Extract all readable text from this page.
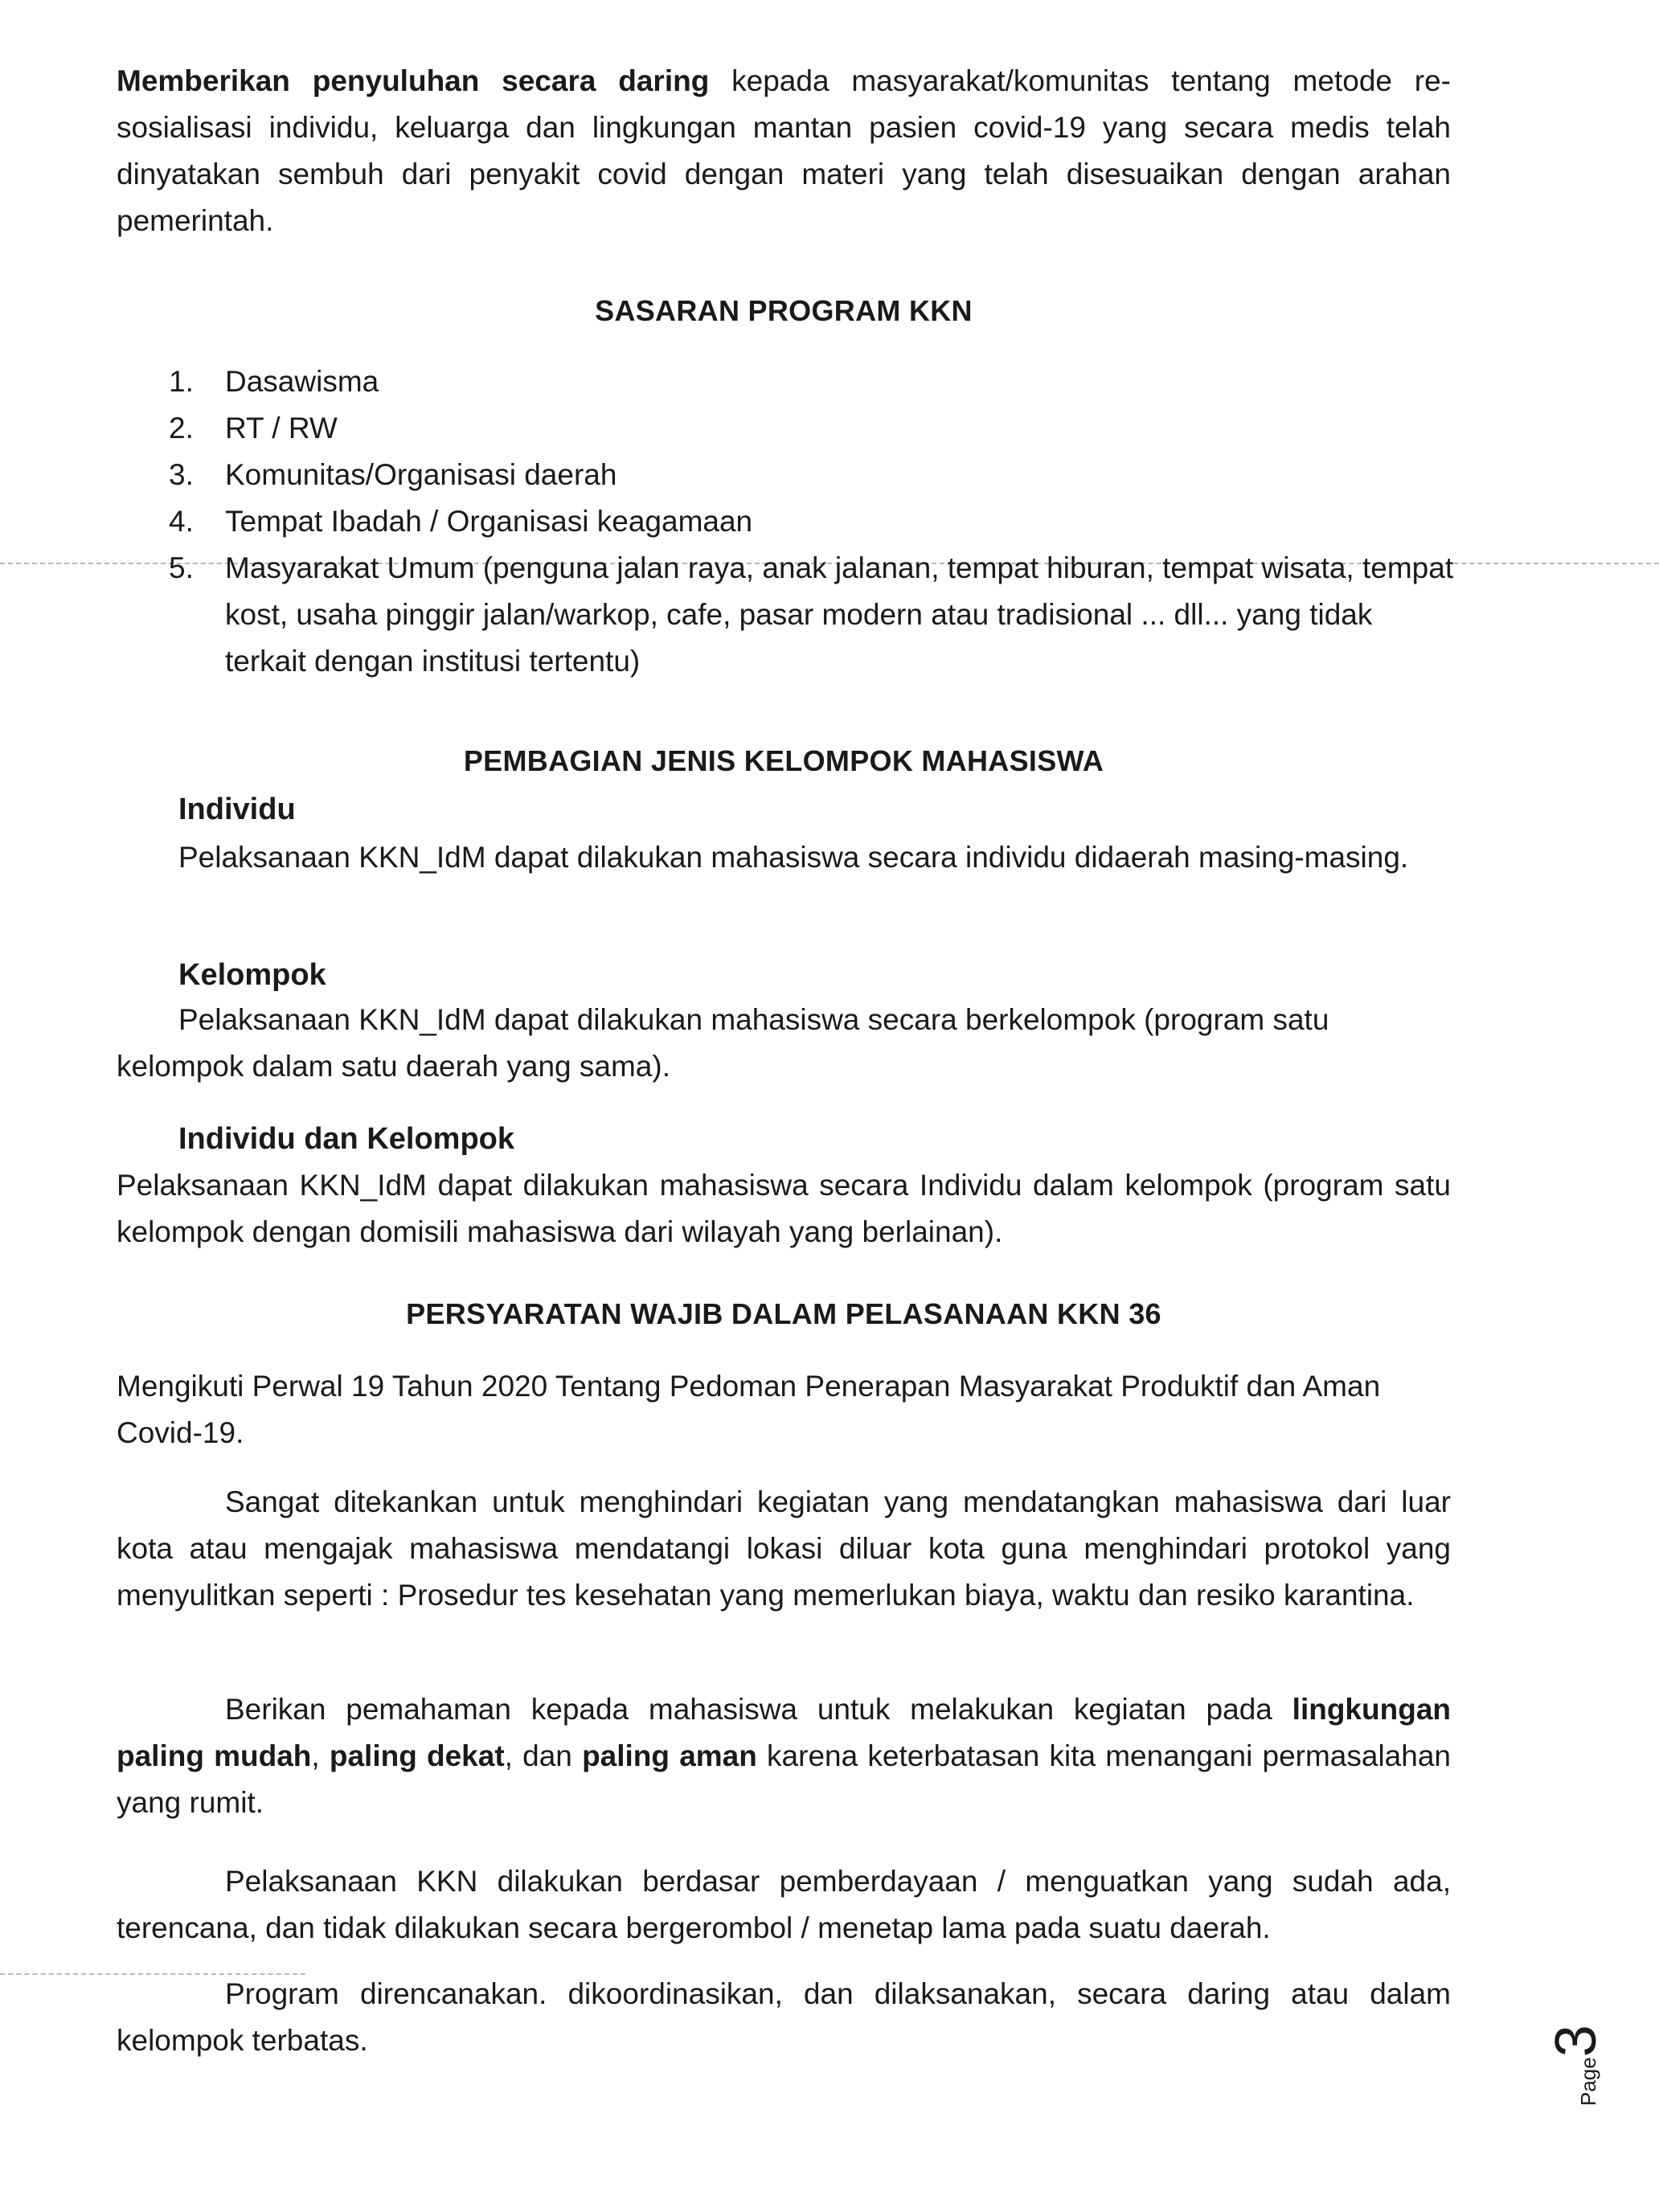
Memberikan penyuluhan secara daring kepada masyarakat/komunitas tentang metode re-sosialisasi individu, keluarga dan lingkungan mantan pasien covid-19 yang secara medis telah dinyatakan sembuh dari penyakit covid dengan materi yang telah disesuaikan dengan arahan pemerintah.
SASARAN PROGRAM KKN
1. Dasawisma
2. RT / RW
3. Komunitas/Organisasi daerah
4. Tempat Ibadah / Organisasi keagamaan
5. Masyarakat Umum (penguna jalan raya, anak jalanan, tempat hiburan, tempat wisata, tempat kost, usaha pinggir jalan/warkop, cafe, pasar modern atau tradisional ... dll... yang tidak terkait dengan institusi tertentu)
PEMBAGIAN JENIS KELOMPOK MAHASISWA
Individu
Pelaksanaan KKN_IdM dapat dilakukan mahasiswa secara individu didaerah masing-masing.
Kelompok
Pelaksanaan KKN_IdM dapat dilakukan mahasiswa secara berkelompok (program satu kelompok dalam satu daerah yang sama).
Individu dan Kelompok
Pelaksanaan KKN_IdM dapat dilakukan mahasiswa secara Individu dalam kelompok (program satu kelompok dengan domisili mahasiswa dari wilayah yang berlainan).
PERSYARATAN WAJIB DALAM PELASANAAN KKN 36
Mengikuti Perwal 19 Tahun 2020 Tentang Pedoman Penerapan Masyarakat Produktif dan Aman Covid-19.
Sangat ditekankan untuk menghindari kegiatan yang mendatangkan mahasiswa dari luar kota atau mengajak mahasiswa mendatangi lokasi diluar kota guna menghindari protokol yang menyulitkan seperti : Prosedur tes kesehatan yang memerlukan biaya, waktu dan resiko karantina.
Berikan pemahaman kepada mahasiswa untuk melakukan kegiatan pada lingkungan paling mudah, paling dekat, dan paling aman karena keterbatasan kita menangani permasalahan yang rumit.
Pelaksanaan KKN dilakukan berdasar pemberdayaan / menguatkan yang sudah ada, terencana, dan tidak dilakukan secara bergerombol / menetap lama pada suatu daerah.
Program direncanakan. dikoordinasikan, dan dilaksanakan, secara daring atau dalam kelompok terbatas.
Page3
